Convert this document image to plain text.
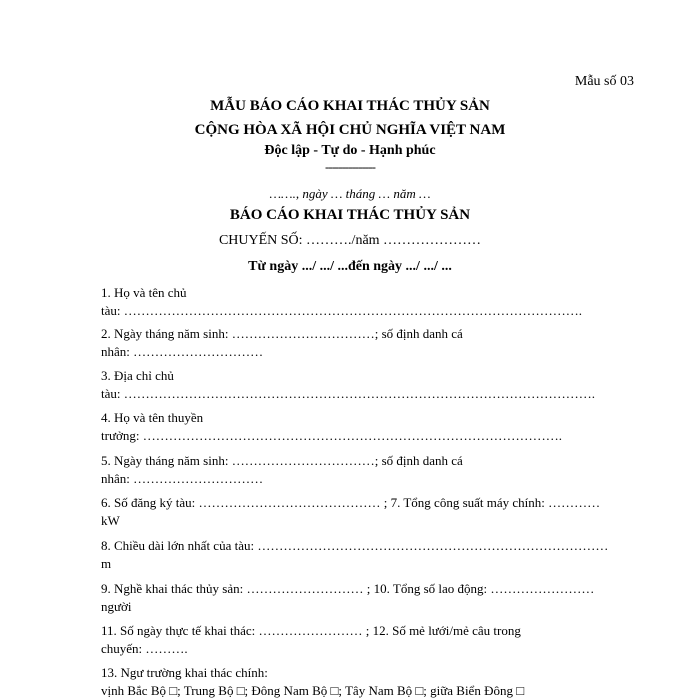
Mẫu số 03
MẪU BÁO CÁO KHAI THÁC THỦY SẢN
CỘNG HÒA XÃ HỘI CHỦ NGHĨA VIỆT NAM
Độc lập - Tự do - Hạnh phúc
---------------
……., ngày … tháng … năm …
BÁO CÁO KHAI THÁC THỦY SẢN
CHUYẾN SỐ: ………./năm …………………
Từ ngày .../ .../ ...đến ngày .../ .../ ...
1. Họ và tên chủ
tàu: …………………………………………………………………………………………….
2. Ngày tháng năm sinh: ……………………………; số định danh cá
nhân: …………………………
3. Địa chỉ chủ
tàu: ……………………………………………………………………………………………….
4. Họ và tên thuyền
trưởng: …………………………………………………………………………………….
5. Ngày tháng năm sinh: ……………………………; số định danh cá
nhân: …………………………
6. Số đăng ký tàu: …………………………………… ; 7. Tổng công suất máy chính: …………
kW
8. Chiều dài lớn nhất của tàu: ………………………………………………………………………
m
9. Nghề khai thác thủy sản: ……………………… ; 10. Tổng số lao động: ……………………
người
11. Số ngày thực tế khai thác: …………………… ; 12. Số mẻ lưới/mẻ câu trong
chuyến: ……….
13. Ngư trường khai thác chính:
vịnh Bắc Bộ □; Trung Bộ □; Đông Nam Bộ □; Tây Nam Bộ □; giữa Biển Đông □
